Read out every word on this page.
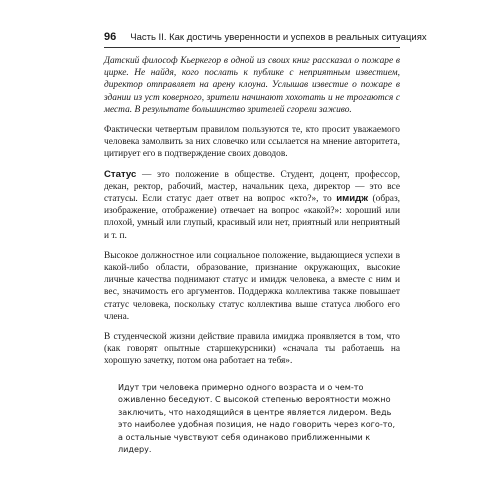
96 Часть II. Как достичь уверенности и успехов в реальных ситуациях

Датский философ Кьеркегор в одной из своих книг рассказал о пожаре в цирке. Не найдя, кого послать к публике с неприятным известием, директор отправляет на арену клоуна. Услышав известие о пожаре в здании из уст коверного, зрители начинают хохотать и не трогаются с места. В результате большинство зрителей сгорели заживо.

Фактически четвертым правилом пользуются те, кто просит уважаемого человека замолвить за них словечко или ссылается на мнение авторитета, цитирует его в подтверждение своих доводов.

Статус — это положение в обществе. Студент, доцент, профессор, декан, ректор, рабочий, мастер, начальник цеха, директор — это все статусы. Если статус дает ответ на вопрос «кто?», то имидж (образ, изображение, отображение) отвечает на вопрос «какой?»: хороший или плохой, умный или глупый, красивый или нет, приятный или неприятный и т. п.

Высокое должностное или социальное положение, выдающиеся успехи в какой-либо области, образование, признание окружающих, высокие личные качества поднимают статус и имидж человека, а вместе с ним и вес, значимость его аргументов. Поддержка коллектива также повышает статус человека, поскольку статус коллектива выше статуса любого его члена.

В студенческой жизни действие правила имиджа проявляется в том, что (как говорят опытные старшекурсники) «сначала ты работаешь на хорошую зачетку, потом она работает на тебя».

Идут три человека примерно одного возраста и о чем-то оживленно беседуют. С высокой степенью вероятности можно заключить, что находящийся в центре является лидером. Ведь это наиболее удобная позиция, не надо говорить через кого-то, а остальные чувствуют себя одинаково приближенными к лидеру.
